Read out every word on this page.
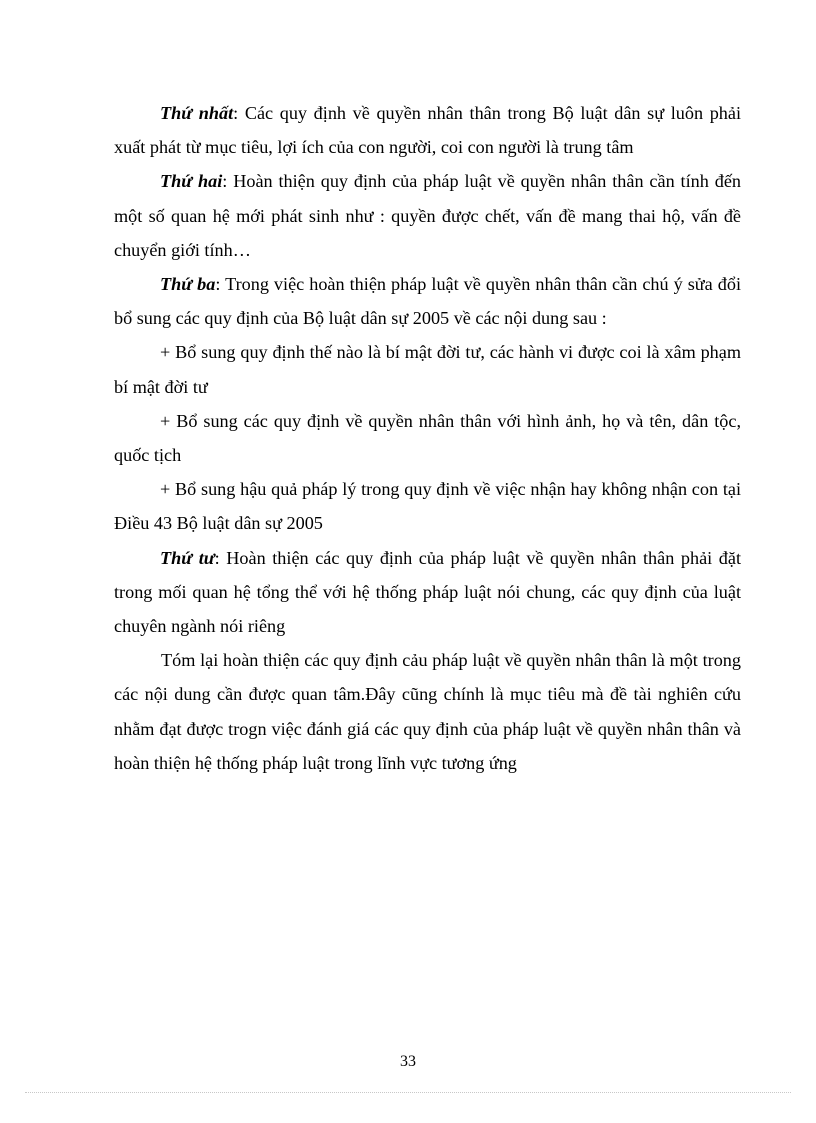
Thứ nhất: Các quy định về quyền nhân thân trong Bộ luật dân sự luôn phải xuất phát từ mục tiêu, lợi ích của con người, coi con người là trung tâm

Thứ hai: Hoàn thiện quy định của pháp luật về quyền nhân thân cần tính đến một số quan hệ mới phát sinh như : quyền được chết, vấn đề mang thai hộ, vấn đề chuyển giới tính…

Thứ ba: Trong việc hoàn thiện pháp luật về quyền nhân thân cần chú ý sửa đổi bổ sung các quy định của Bộ luật dân sự 2005 về các nội dung sau :

+ Bổ sung quy định thế nào là bí mật đời tư, các hành vi được coi là xâm phạm bí mật đời tư

+ Bổ sung các quy định về quyền nhân thân với hình ảnh, họ và tên, dân tộc, quốc tịch

+ Bổ sung hậu quả pháp lý trong quy định về việc nhận hay không nhận con tại Điều 43 Bộ luật dân sự 2005

Thứ tư: Hoàn thiện các quy định của pháp luật về quyền nhân thân phải đặt trong mối quan hệ tổng thể với hệ thống pháp luật nói chung, các quy định của luật chuyên ngành nói riêng

Tóm lại hoàn thiện các quy định cảu pháp luật về quyền nhân thân là một trong các nội dung cần được quan tâm.Đây cũng chính là mục tiêu mà đề tài nghiên cứu nhằm đạt được trogn việc đánh giá các quy định của pháp luật về quyền nhân thân và hoàn thiện hệ thống pháp luật trong lĩnh vực tương ứng

33
